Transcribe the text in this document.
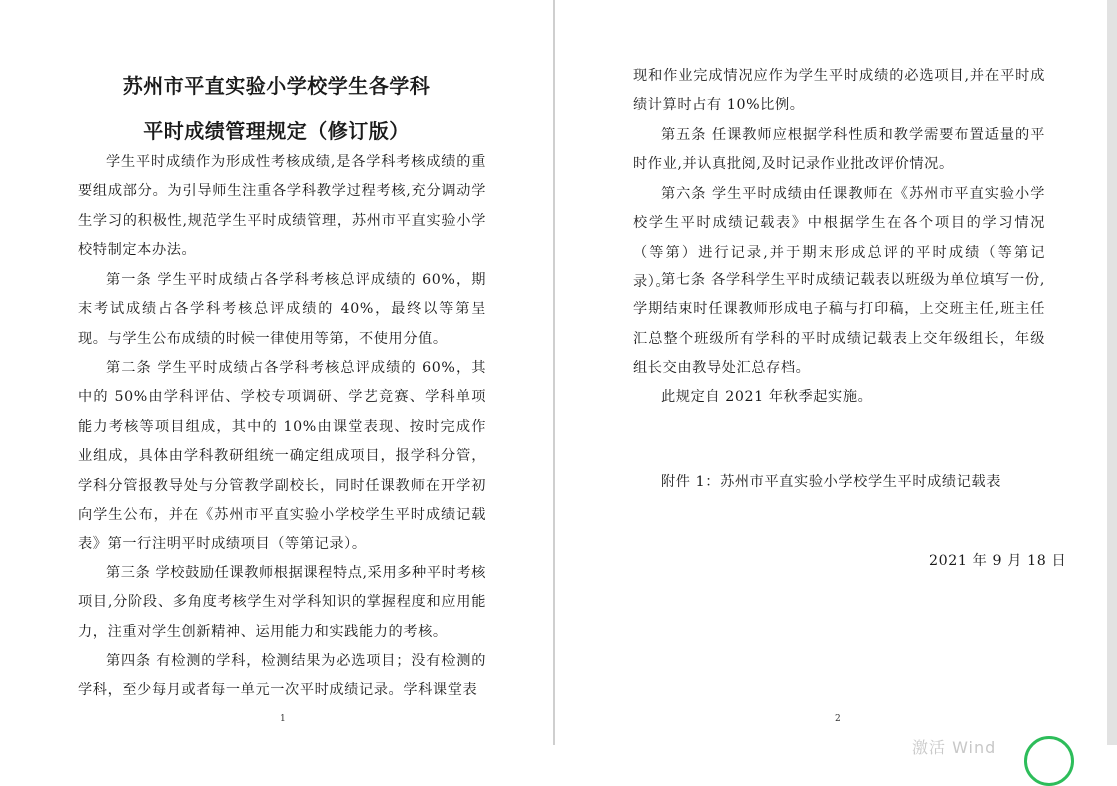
苏州市平直实验小学校学生各学科
平时成绩管理规定（修订版）

学生平时成绩作为形成性考核成绩,是各学科考核成绩的重要组成部分。为引导师生注重各学科教学过程考核,充分调动学生学习的积极性,规范学生平时成绩管理，苏州市平直实验小学校特制定本办法。

第一条 学生平时成绩占各学科考核总评成绩的 60%，期末考试成绩占各学科考核总评成绩的 40%，最终以等第呈现。与学生公布成绩的时候一律使用等第，不使用分值。

第二条 学生平时成绩占各学科考核总评成绩的 60%，其中的 50%由学科评估、学校专项调研、学艺竞赛、学科单项能力考核等项目组成，其中的 10%由课堂表现、按时完成作业组成，具体由学科教研组统一确定组成项目，报学科分管，学科分管报教导处与分管教学副校长，同时任课教师在开学初向学生公布，并在《苏州市平直实验小学校学生平时成绩记载表》第一行注明平时成绩项目（等第记录）。

第三条 学校鼓励任课教师根据课程特点,采用多种平时考核项目,分阶段、多角度考核学生对学科知识的掌握程度和应用能力，注重对学生创新精神、运用能力和实践能力的考核。

第四条 有检测的学科，检测结果为必选项目；没有检测的学科，至少每月或者每一单元一次平时成绩记录。学科课堂表

1

现和作业完成情况应作为学生平时成绩的必选项目,并在平时成绩计算时占有 10%比例。

第五条 任课教师应根据学科性质和教学需要布置适量的平时作业,并认真批阅,及时记录作业批改评价情况。

第六条 学生平时成绩由任课教师在《苏州市平直实验小学校学生平时成绩记载表》中根据学生在各个项目的学习情况（等第）进行记录,并于期末形成总评的平时成绩（等第记录）。

第七条 各学科学生平时成绩记载表以班级为单位填写一份,学期结束时任课教师形成电子稿与打印稿，上交班主任,班主任汇总整个班级所有学科的平时成绩记载表上交年级组长，年级组长交由教导处汇总存档。

此规定自 2021 年秋季起实施。

附件 1：苏州市平直实验小学校学生平时成绩记载表

2021 年 9 月 18 日
2
激活 Wind
